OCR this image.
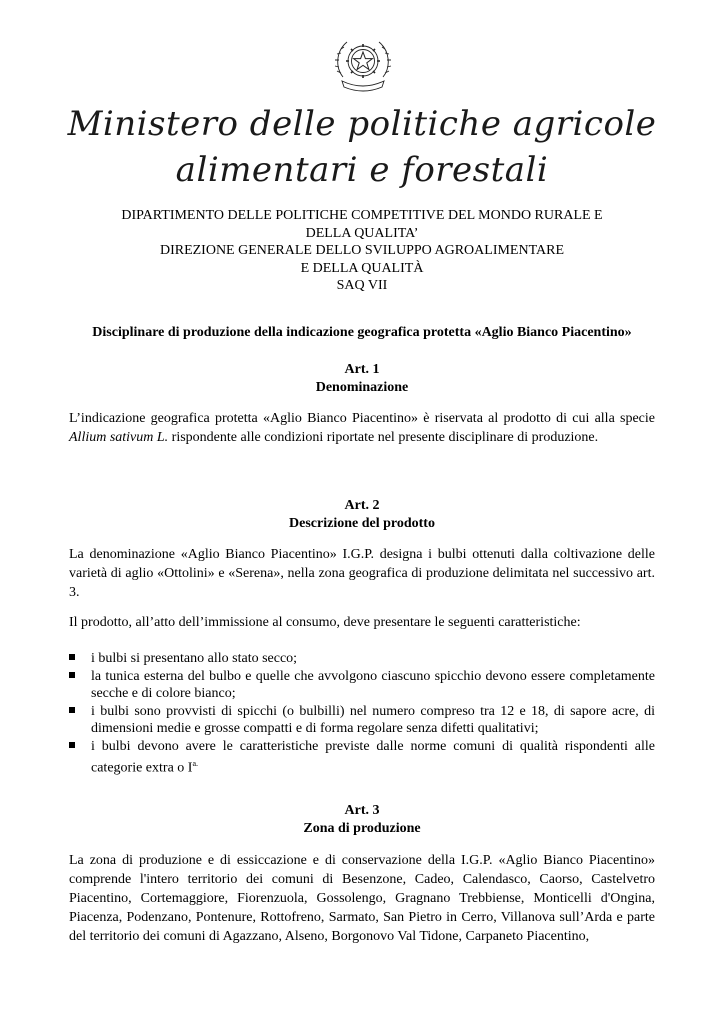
Ministero delle politiche agricole
alimentari e forestali
DIPARTIMENTO DELLE POLITICHE COMPETITIVE DEL MONDO RURALE E
DELLA QUALITA’
DIREZIONE GENERALE DELLO SVILUPPO AGROALIMENTARE
E DELLA QUALITÀ
SAQ VII
Disciplinare di produzione della indicazione geografica protetta «Aglio Bianco Piacentino»
Art. 1
Denominazione
L’indicazione geografica protetta «Aglio Bianco Piacentino» è riservata al prodotto di cui alla specie Allium sativum L. rispondente alle condizioni riportate nel presente disciplinare di produzione.
Art. 2
Descrizione del prodotto
La denominazione «Aglio Bianco Piacentino» I.G.P. designa i bulbi ottenuti dalla coltivazione delle varietà di aglio «Ottolini» e «Serena», nella zona geografica di produzione delimitata nel successivo art. 3.
Il prodotto, all’atto dell’immissione al consumo, deve presentare le seguenti caratteristiche:
i bulbi si presentano allo stato secco;
la tunica esterna del bulbo e quelle che avvolgono ciascuno spicchio devono essere completamente secche e di colore bianco;
i bulbi sono provvisti di spicchi (o bulbilli) nel numero compreso tra 12 e 18, di sapore acre, di dimensioni medie e grosse compatti e di forma regolare senza difetti qualitativi;
i bulbi devono avere le caratteristiche previste dalle norme comuni di qualità rispondenti alle categorie extra o $I^{a.}$
Art. 3
Zona di produzione
La zona di produzione e di essiccazione e di conservazione della I.G.P. «Aglio Bianco Piacentino» comprende l'intero territorio dei comuni di Besenzone, Cadeo, Calendasco, Caorso, Castelvetro Piacentino, Cortemaggiore, Fiorenzuola, Gossolengo, Gragnano Trebbiense, Monticelli d'Ongina, Piacenza, Podenzano, Pontenure, Rottofreno, Sarmato, San Pietro in Cerro, Villanova sull’Arda e parte del territorio dei comuni di Agazzano, Alseno, Borgonovo Val Tidone, Carpaneto Piacentino,
